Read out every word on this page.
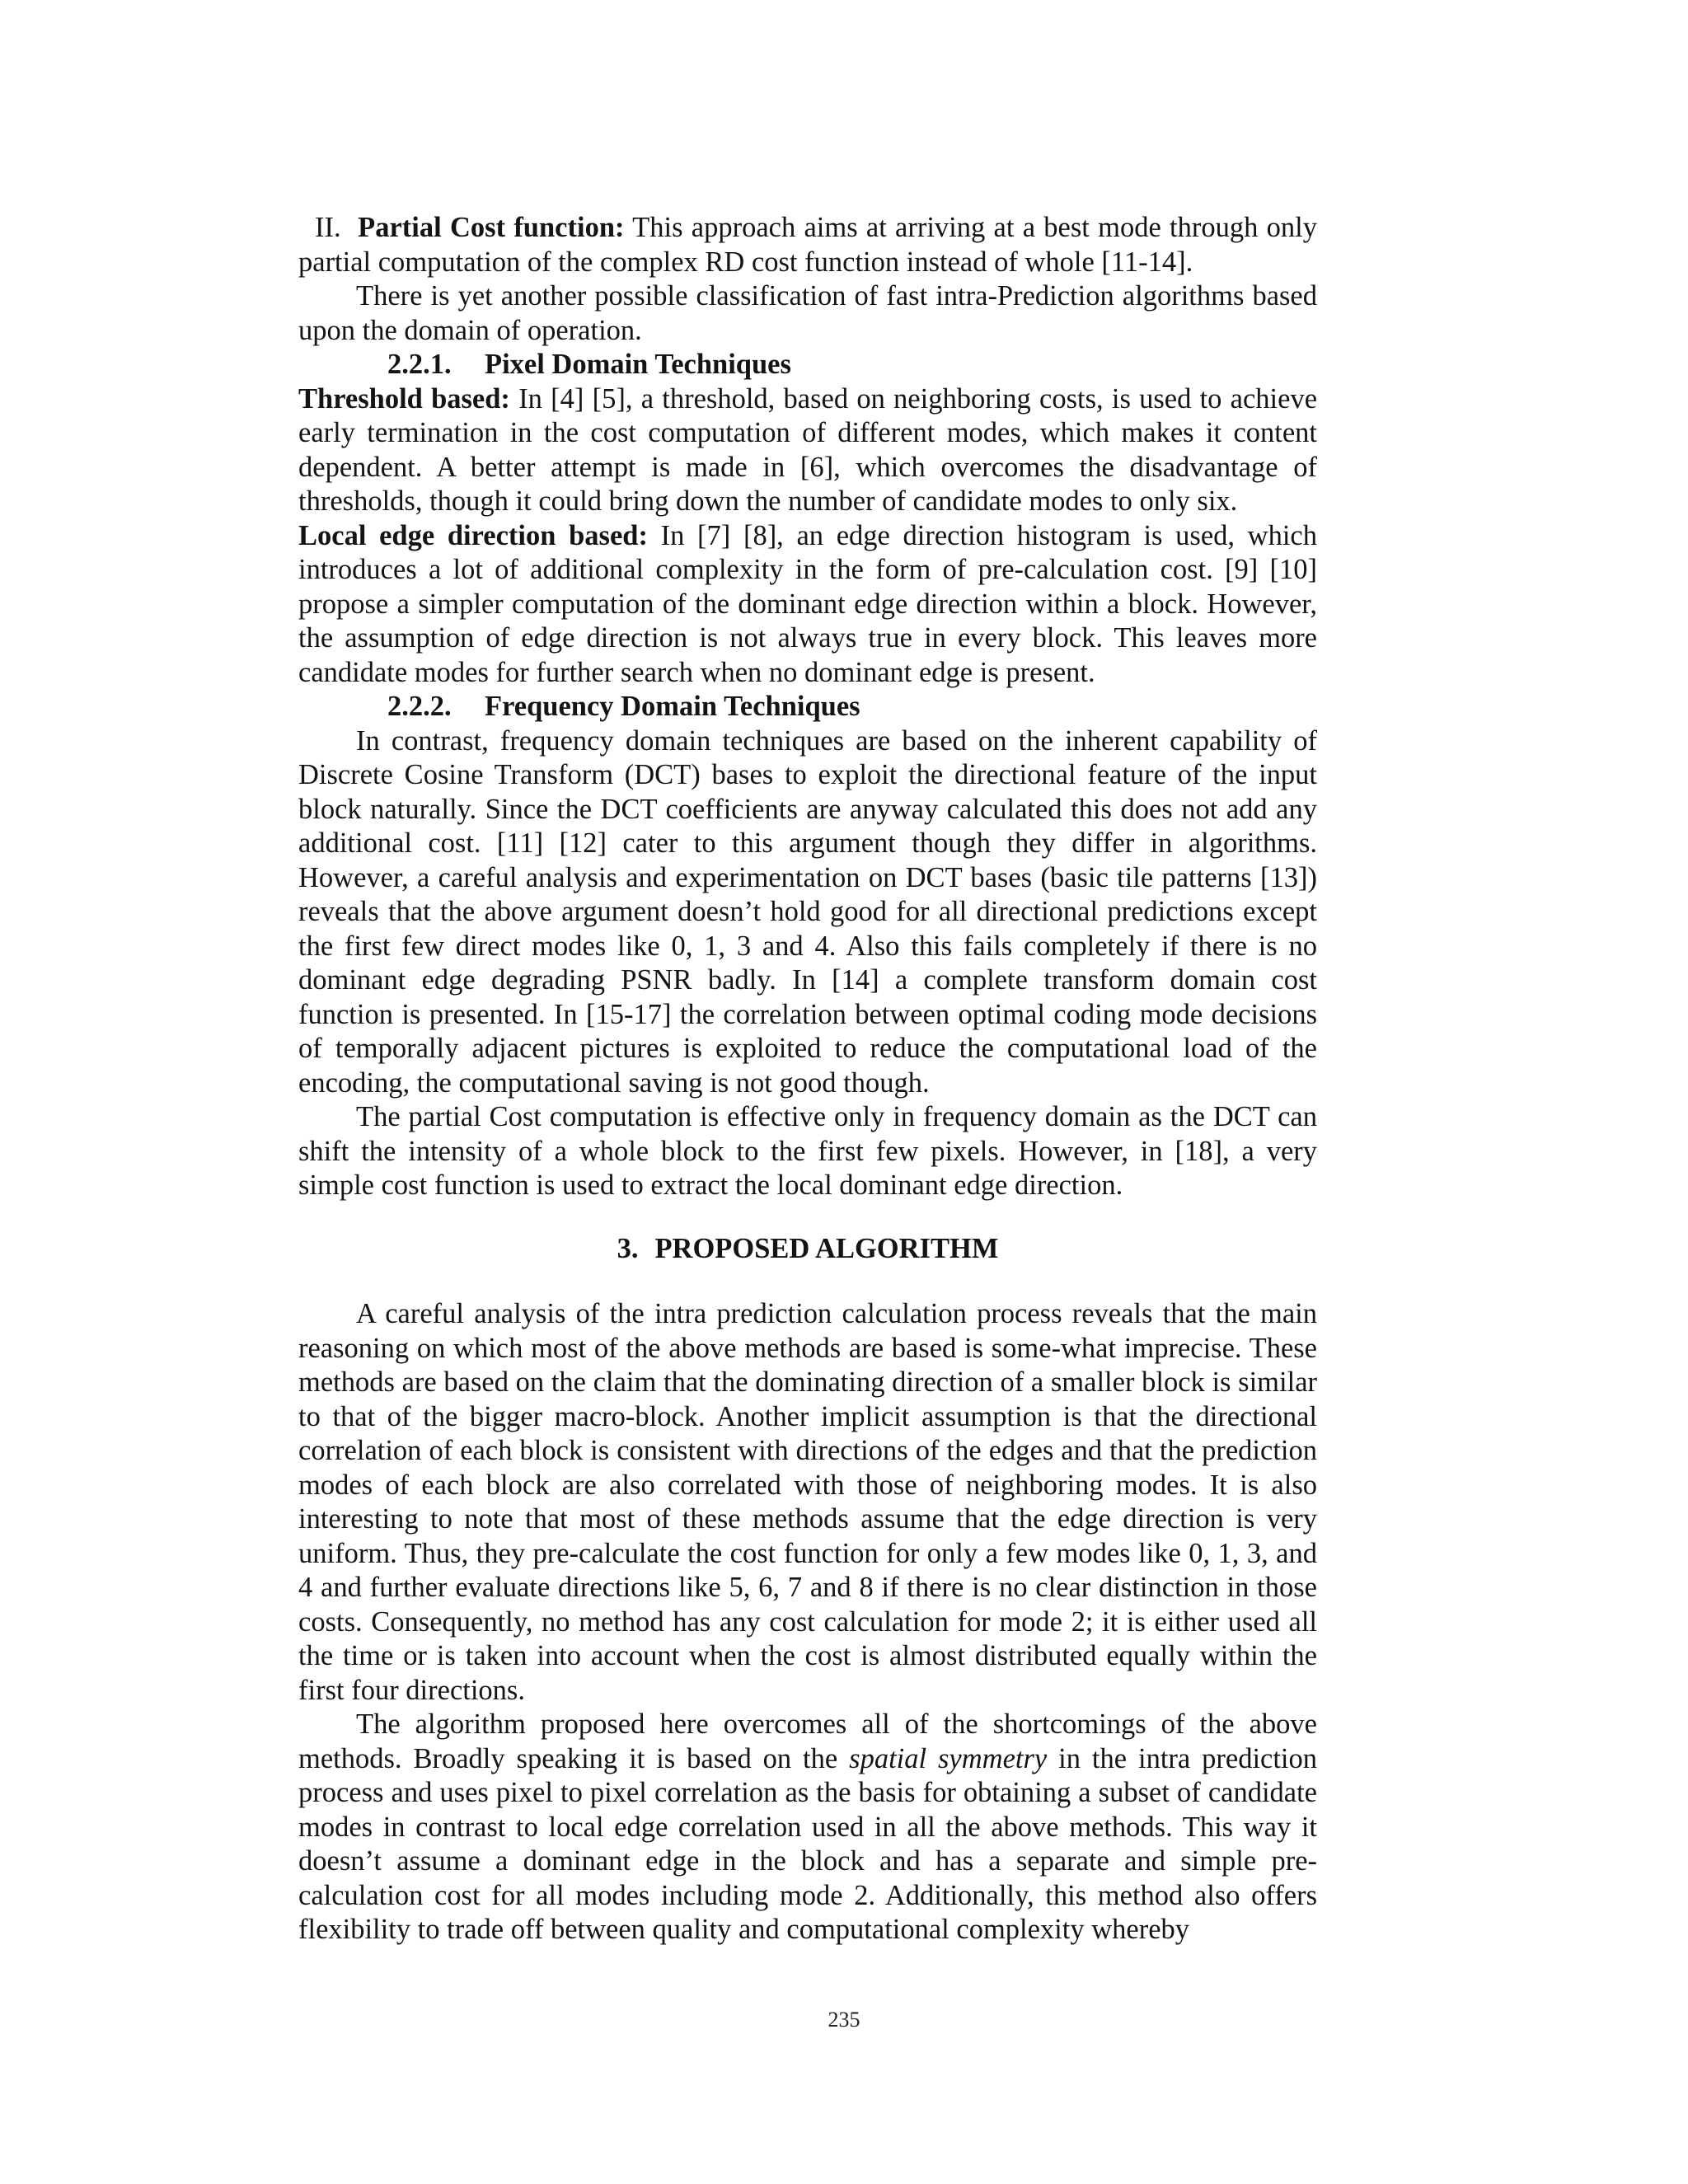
II. Partial Cost function: This approach aims at arriving at a best mode through only partial computation of the complex RD cost function instead of whole [11-14].

There is yet another possible classification of fast intra-Prediction algorithms based upon the domain of operation.

2.2.1. Pixel Domain Techniques

Threshold based: In [4] [5], a threshold, based on neighboring costs, is used to achieve early termination in the cost computation of different modes, which makes it content dependent. A better attempt is made in [6], which overcomes the disadvantage of thresholds, though it could bring down the number of candidate modes to only six.

Local edge direction based: In [7] [8], an edge direction histogram is used, which introduces a lot of additional complexity in the form of pre-calculation cost. [9] [10] propose a simpler computation of the dominant edge direction within a block. However, the assumption of edge direction is not always true in every block. This leaves more candidate modes for further search when no dominant edge is present.

2.2.2. Frequency Domain Techniques

In contrast, frequency domain techniques are based on the inherent capability of Discrete Cosine Transform (DCT) bases to exploit the directional feature of the input block naturally. Since the DCT coefficients are anyway calculated this does not add any additional cost. [11] [12] cater to this argument though they differ in algorithms. However, a careful analysis and experimentation on DCT bases (basic tile patterns [13]) reveals that the above argument doesn’t hold good for all directional predictions except the first few direct modes like 0, 1, 3 and 4. Also this fails completely if there is no dominant edge degrading PSNR badly. In [14] a complete transform domain cost function is presented. In [15-17] the correlation between optimal coding mode decisions of temporally adjacent pictures is exploited to reduce the computational load of the encoding, the computational saving is not good though.

The partial Cost computation is effective only in frequency domain as the DCT can shift the intensity of a whole block to the first few pixels. However, in [18], a very simple cost function is used to extract the local dominant edge direction.

3. PROPOSED ALGORITHM

A careful analysis of the intra prediction calculation process reveals that the main reasoning on which most of the above methods are based is some-what imprecise. These methods are based on the claim that the dominating direction of a smaller block is similar to that of the bigger macro-block. Another implicit assumption is that the directional correlation of each block is consistent with directions of the edges and that the prediction modes of each block are also correlated with those of neighboring modes. It is also interesting to note that most of these methods assume that the edge direction is very uniform. Thus, they pre-calculate the cost function for only a few modes like 0, 1, 3, and 4 and further evaluate directions like 5, 6, 7 and 8 if there is no clear distinction in those costs. Consequently, no method has any cost calculation for mode 2; it is either used all the time or is taken into account when the cost is almost distributed equally within the first four directions.

The algorithm proposed here overcomes all of the shortcomings of the above methods. Broadly speaking it is based on the spatial symmetry in the intra prediction process and uses pixel to pixel correlation as the basis for obtaining a subset of candidate modes in contrast to local edge correlation used in all the above methods. This way it doesn’t assume a dominant edge in the block and has a separate and simple pre-calculation cost for all modes including mode 2. Additionally, this method also offers flexibility to trade off between quality and computational complexity whereby

235
